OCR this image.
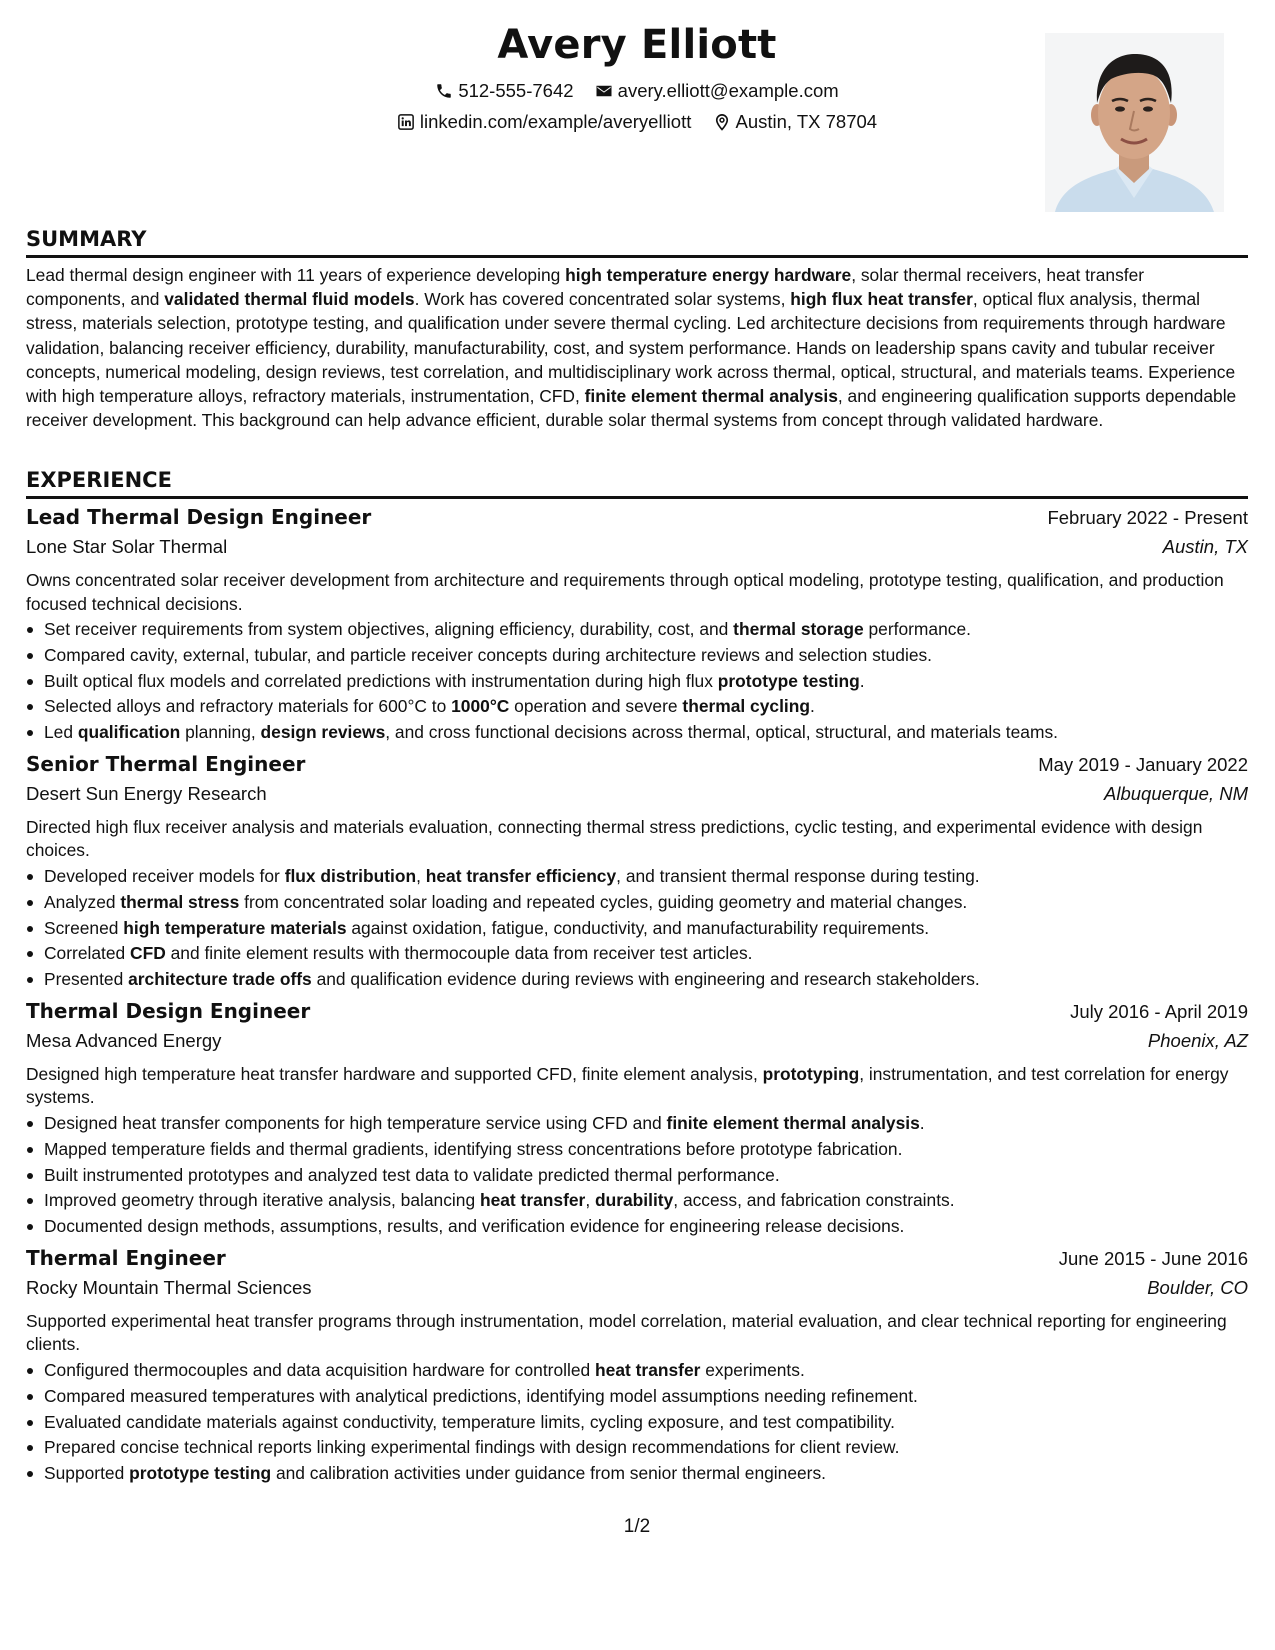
Avery Elliott
512-555-7642
avery.elliott@example.com
linkedin.com/example/averyelliott
Austin, TX 78704
SUMMARY

Lead thermal design engineer with 11 years of experience developing high temperature energy hardware, solar thermal receivers, heat transfer components, and validated thermal fluid models. Work has covered concentrated solar systems, high flux heat transfer, optical flux analysis, thermal stress, materials selection, prototype testing, and qualification under severe thermal cycling. Led architecture decisions from requirements through hardware validation, balancing receiver efficiency, durability, manufacturability, cost, and system performance. Hands on leadership spans cavity and tubular receiver concepts, numerical modeling, design reviews, test correlation, and multidisciplinary work across thermal, optical, structural, and materials teams. Experience with high temperature alloys, refractory materials, instrumentation, CFD, finite element thermal analysis, and engineering qualification supports dependable receiver development. This background can help advance efficient, durable solar thermal systems from concept through validated hardware.

EXPERIENCE
Lead Thermal Design Engineer	February 2022 - Present
Lone Star Solar Thermal	Austin, TX

Owns concentrated solar receiver development from architecture and requirements through optical modeling, prototype testing, qualification, and production focused technical decisions.

Set receiver requirements from system objectives, aligning efficiency, durability, cost, and thermal storage performance.
Compared cavity, external, tubular, and particle receiver concepts during architecture reviews and selection studies.
Built optical flux models and correlated predictions with instrumentation during high flux prototype testing.
Selected alloys and refractory materials for 600°C to 1000°C operation and severe thermal cycling.
Led qualification planning, design reviews, and cross functional decisions across thermal, optical, structural, and materials teams.
Senior Thermal Engineer	May 2019 - January 2022
Desert Sun Energy Research	Albuquerque, NM

Directed high flux receiver analysis and materials evaluation, connecting thermal stress predictions, cyclic testing, and experimental evidence with design choices.

Developed receiver models for flux distribution, heat transfer efficiency, and transient thermal response during testing.
Analyzed thermal stress from concentrated solar loading and repeated cycles, guiding geometry and material changes.
Screened high temperature materials against oxidation, fatigue, conductivity, and manufacturability requirements.
Correlated CFD and finite element results with thermocouple data from receiver test articles.
Presented architecture trade offs and qualification evidence during reviews with engineering and research stakeholders.
Thermal Design Engineer	July 2016 - April 2019
Mesa Advanced Energy	Phoenix, AZ

Designed high temperature heat transfer hardware and supported CFD, finite element analysis, prototyping, instrumentation, and test correlation for energy systems.

Designed heat transfer components for high temperature service using CFD and finite element thermal analysis.
Mapped temperature fields and thermal gradients, identifying stress concentrations before prototype fabrication.
Built instrumented prototypes and analyzed test data to validate predicted thermal performance.
Improved geometry through iterative analysis, balancing heat transfer, durability, access, and fabrication constraints.
Documented design methods, assumptions, results, and verification evidence for engineering release decisions.
Thermal Engineer	June 2015 - June 2016
Rocky Mountain Thermal Sciences	Boulder, CO

Supported experimental heat transfer programs through instrumentation, model correlation, material evaluation, and clear technical reporting for engineering clients.

Configured thermocouples and data acquisition hardware for controlled heat transfer experiments.
Compared measured temperatures with analytical predictions, identifying model assumptions needing refinement.
Evaluated candidate materials against conductivity, temperature limits, cycling exposure, and test compatibility.
Prepared concise technical reports linking experimental findings with design recommendations for client review.
Supported prototype testing and calibration activities under guidance from senior thermal engineers.
1/2
